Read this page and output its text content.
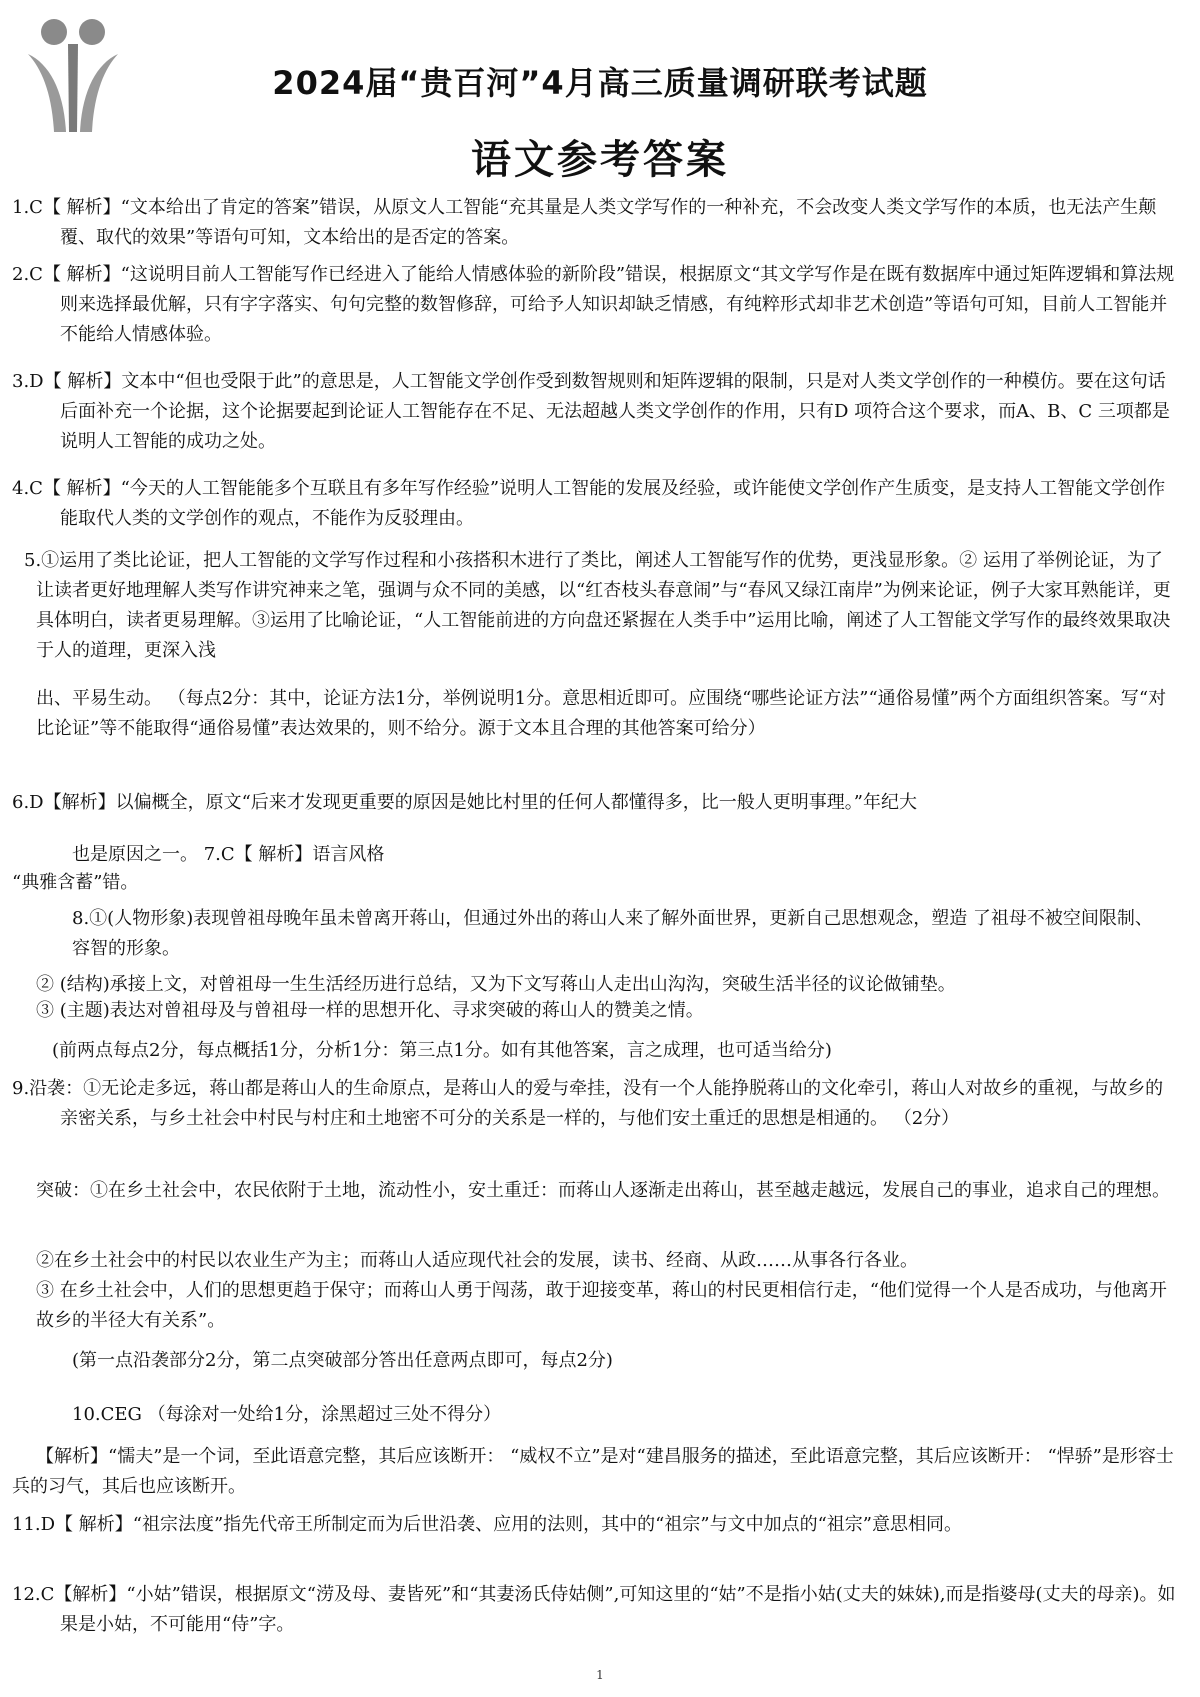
2024届“贵百河”4月高三质量调研联考试题
语文参考答案
1.C【 解析】“文本给出了肯定的答案”错误，从原文人工智能“充其量是人类文学写作的一种补充，不会改变人类文学写作的本质，也无法产生颠覆、取代的效果”等语句可知，文本给出的是否定的答案。
2.C【 解析】“这说明目前人工智能写作已经进入了能给人情感体验的新阶段”错误，根据原文“其文学写作是在既有数据库中通过矩阵逻辑和算法规则来选择最优解，只有字字落实、句句完整的数智修辞，可给予人知识却缺乏情感，有纯粹形式却非艺术创造”等语句可知，目前人工智能并不能给人情感体验。
3.D【 解析】文本中“但也受限于此”的意思是，人工智能文学创作受到数智规则和矩阵逻辑的限制，只是对人类文学创作的一种模仿。要在这句话后面补充一个论据，这个论据要起到论证人工智能存在不足、无法超越人类文学创作的作用，只有D 项符合这个要求，而A、B、C 三项都是说明人工智能的成功之处。
4.C【 解析】“今天的人工智能能多个互联且有多年写作经验”说明人工智能的发展及经验，或许能使文学创作产生质变，是支持人工智能文学创作能取代人类的文学创作的观点，不能作为反驳理由。
5.①运用了类比论证，把人工智能的文学写作过程和小孩搭积木进行了类比，阐述人工智能写作的优势，更浅显形象。② 运用了举例论证，为了让读者更好地理解人类写作讲究神来之笔，强调与众不同的美感，以“红杏枝头春意闹”与“春风又绿江南岸”为例来论证，例子大家耳熟能详，更具体明白，读者更易理解。③运用了比喻论证，“人工智能前进的方向盘还紧握在人类手中”运用比喻，阐述了人工智能文学写作的最终效果取决于人的道理，更深入浅
出、平易生动。 （每点2分：其中，论证方法1分，举例说明1分。意思相近即可。应围绕“哪些论证方法”“通俗易懂”两个方面组织答案。写“对比论证”等不能取得“通俗易懂”表达效果的，则不给分。源于文本且合理的其他答案可给分）
6.D【解析】以偏概全，原文“后来才发现更重要的原因是她比村里的任何人都懂得多，比一般人更明事理。”年纪大
也是原因之一。 7.C【 解析】语言风格
“典雅含蓄”错。
8.①(人物形象)表现曾祖母晚年虽未曾离开蒋山，但通过外出的蒋山人来了解外面世界，更新自己思想观念，塑造 了祖母不被空间限制、容智的形象。
② (结构)承接上文，对曾祖母一生生活经历进行总结，又为下文写蒋山人走出山沟沟，突破生活半径的议论做铺垫。
③ (主题)表达对曾祖母及与曾祖母一样的思想开化、寻求突破的蒋山人的赞美之情。
(前两点每点2分，每点概括1分，分析1分：第三点1分。如有其他答案，言之成理，也可适当给分)
9.沿袭：①无论走多远，蒋山都是蒋山人的生命原点，是蒋山人的爱与牵挂，没有一个人能挣脱蒋山的文化牵引，蒋山人对故乡的重视，与故乡的亲密关系，与乡土社会中村民与村庄和土地密不可分的关系是一样的，与他们安土重迁的思想是相通的。 （2分）
突破：①在乡土社会中，农民依附于土地，流动性小，安土重迁：而蒋山人逐渐走出蒋山，甚至越走越远，发展自己的事业，追求自己的理想。
②在乡土社会中的村民以农业生产为主；而蒋山人适应现代社会的发展，读书、经商、从政……从事各行各业。
③ 在乡土社会中，人们的思想更趋于保守；而蒋山人勇于闯荡，敢于迎接变革，蒋山的村民更相信行走，“他们觉得一个人是否成功，与他离开故乡的半径大有关系”。
(第一点沿袭部分2分，第二点突破部分答出任意两点即可，每点2分)
10.CEG （每涂对一处给1分，涂黑超过三处不得分）
【解析】“懦夫”是一个词，至此语意完整，其后应该断开： “威权不立”是对“建昌服务的描述，至此语意完整，其后应该断开： “悍骄”是形容士兵的习气，其后也应该断开。
11.D【 解析】“祖宗法度”指先代帝王所制定而为后世沿袭、应用的法则，其中的“祖宗”与文中加点的“祖宗”意思相同。
12.C【解析】“小姑”错误，根据原文“涝及母、妻皆死”和“其妻汤氏侍姑侧”,可知这里的“姑”不是指小姑(丈夫的妹妹),而是指婆母(丈夫的母亲)。如果是小姑，不可能用“侍”字。
1
